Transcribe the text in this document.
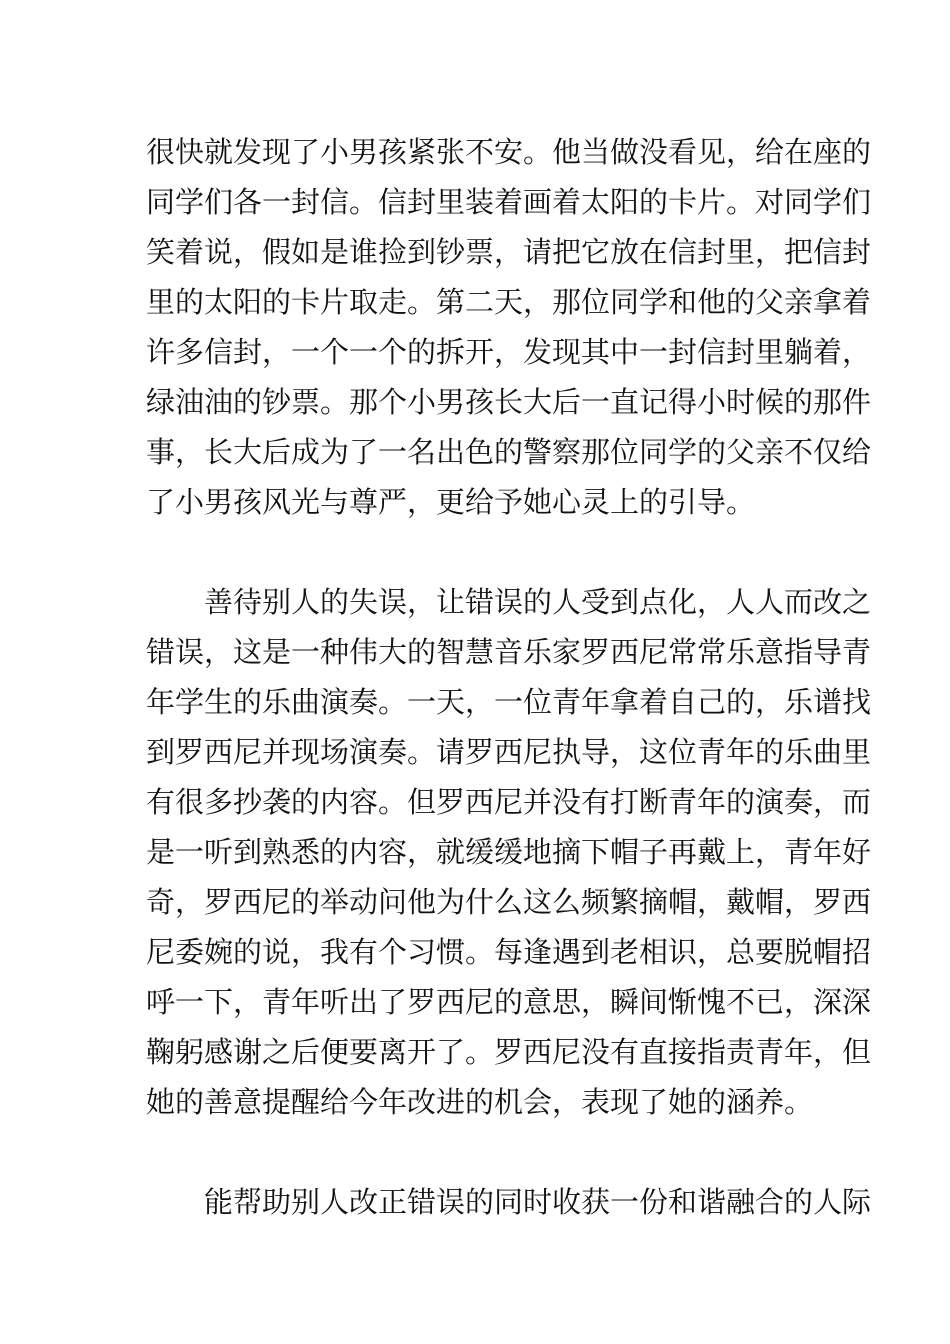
很快就发现了小男孩紧张不安。他当做没看见，给在座的

同学们各一封信。信封里装着画着太阳的卡片。对同学们

笑着说，假如是谁捡到钞票，请把它放在信封里，把信封

里的太阳的卡片取走。第二天，那位同学和他的父亲拿着

许多信封，一个一个的拆开，发现其中一封信封里躺着，

绿油油的钞票。那个小男孩长大后一直记得小时候的那件

事，长大后成为了一名出色的警察那位同学的父亲不仅给

了小男孩风光与尊严，更给予她心灵上的引导。

　　善待别人的失误，让错误的人受到点化，人人而改之

错误，这是一种伟大的智慧音乐家罗西尼常常乐意指导青

年学生的乐曲演奏。一天，一位青年拿着自己的，乐谱找

到罗西尼并现场演奏。请罗西尼执导，这位青年的乐曲里

有很多抄袭的内容。但罗西尼并没有打断青年的演奏，而

是一听到熟悉的内容，就缓缓地摘下帽子再戴上，青年好

奇，罗西尼的举动问他为什么这么频繁摘帽，戴帽，罗西

尼委婉的说，我有个习惯。每逢遇到老相识，总要脱帽招

呼一下，青年听出了罗西尼的意思，瞬间惭愧不已，深深

鞠躬感谢之后便要离开了。罗西尼没有直接指责青年，但

她的善意提醒给今年改进的机会，表现了她的涵养。

　　能帮助别人改正错误的同时收获一份和谐融合的人际
